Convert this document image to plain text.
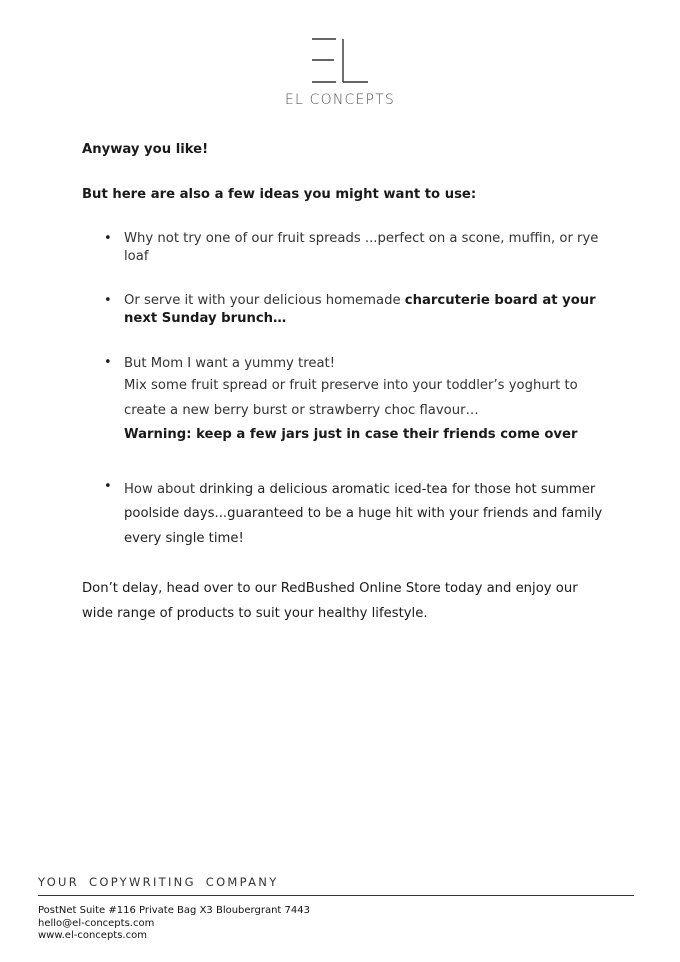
EL CONCEPTS

Anyway you like!

But here are also a few ideas you might want to use:

• Why not try one of our fruit spreads ...perfect on a scone, muffin, or rye loaf
• Or serve it with your delicious homemade charcuterie board at your next Sunday brunch…
• But Mom I want a yummy treat!

Mix some fruit spread or fruit preserve into your toddler’s yoghurt to create a new berry burst or strawberry choc flavour…

Warning: keep a few jars just in case their friends come over

• How about drinking a delicious aromatic iced-tea for those hot summer poolside days...guaranteed to be a huge hit with your friends and family every single time!

Don’t delay, head over to our RedBushed Online Store today and enjoy our wide range of products to suit your healthy lifestyle.

YOUR COPYWRITING COMPANY
PostNet Suite #116 Private Bag X3 Bloubergrant 7443
hello@el-concepts.com
www.el-concepts.com
